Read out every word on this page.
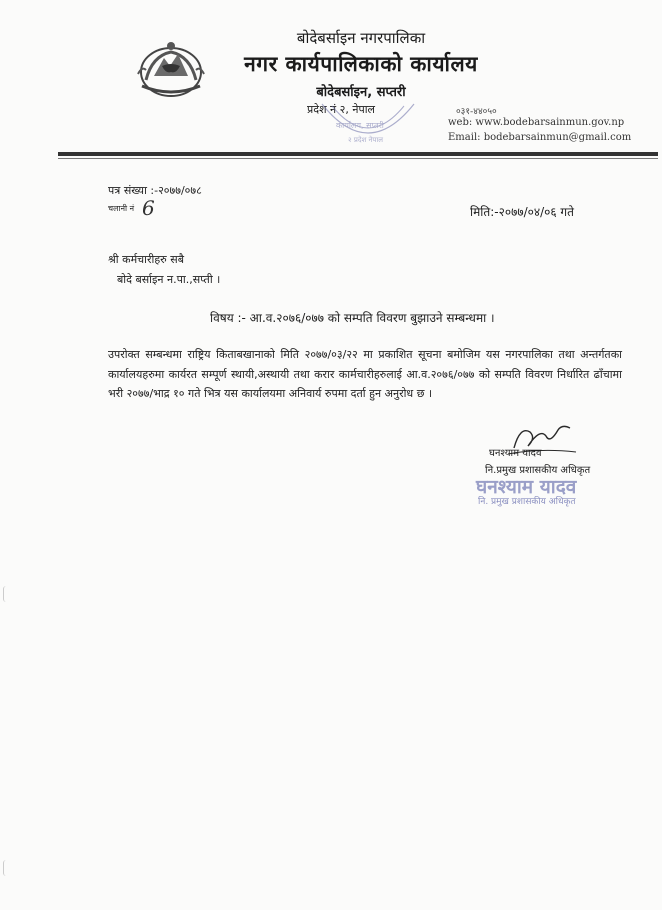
बोदेबर्साइन नगरपालिका
नगर कार्यपालिकाको कार्यालय
बोदेबर्साइन, सप्तरी
प्रदेश नं २, नेपाल
कार्यालय, सप्तरी
२ प्रदेश नेपाल
०३१-४४०५०
web: www.bodebarsainmun.gov.np
Email: bodebarsainmun@gmail.com
पत्र संख्या :-२०७७/०७८
चलानी नं 6	मिति:-२०७७/०४/०६ गते
श्री कर्मचारीहरु सबै
बोदे बर्साइन न.पा.,सप्ती ।
विषय :- आ.व.२०७६/०७७ को सम्पति विवरण बुझाउने सम्बन्धमा ।
उपरोक्त सम्बन्धमा राष्ट्रिय किताबखानाको मिति २०७७/०३/२२ मा प्रकाशित सूचना बमोजिम यस नगरपालिका तथा अन्तर्गतका कार्यालयहरुमा कार्यरत सम्पूर्ण स्थायी,अस्थायी तथा करार कार्मचारीहरुलाई आ.व.२०७६/०७७ को सम्पति विवरण निर्धारित ढाँचामा भरी २०७७/भाद्र १० गते भित्र यस कार्यालयमा अनिवार्य रुपमा दर्ता हुन अनुरोध छ ।
घनश्याम यादव
नि.प्रमुख प्रशासकीय अधिकृत
घनश्याम यादव
नि. प्रमुख प्रशासकीय अधिकृत
